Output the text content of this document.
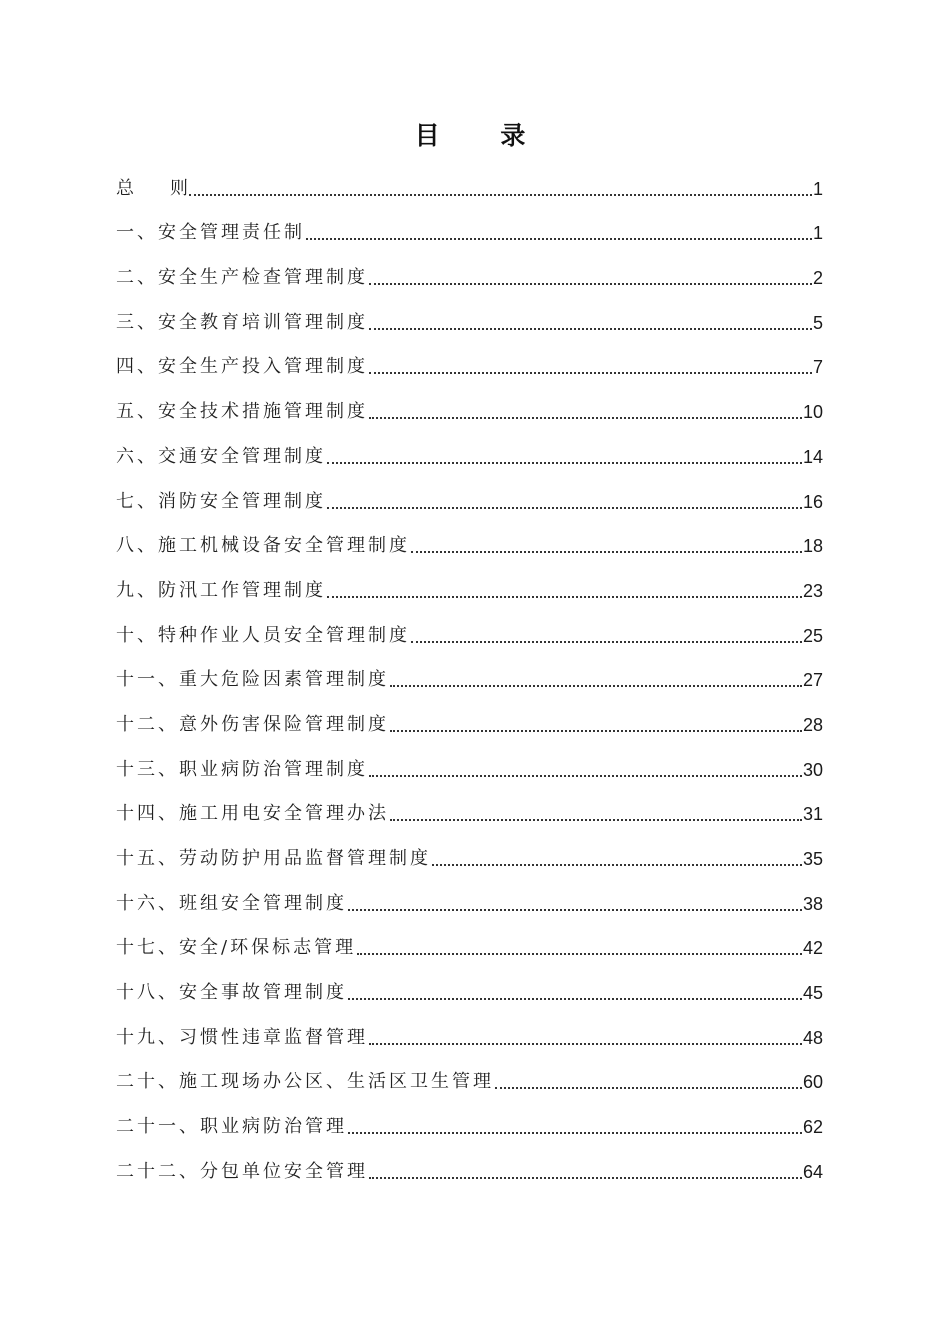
目 录
总　　则	1
一、安全管理责任制	1
二、安全生产检查管理制度	2
三、安全教育培训管理制度	5
四、安全生产投入管理制度	7
五、安全技术措施管理制度	10
六、交通安全管理制度	14
七、消防安全管理制度	16
八、施工机械设备安全管理制度	18
九、防汛工作管理制度	23
十、特种作业人员安全管理制度	25
十一、重大危险因素管理制度	27
十二、意外伤害保险管理制度	28
十三、职业病防治管理制度	30
十四、施工用电安全管理办法	31
十五、劳动防护用品监督管理制度	35
十六、班组安全管理制度	38
十七、安全/环保标志管理	42
十八、安全事故管理制度	45
十九、习惯性违章监督管理	48
二十、施工现场办公区、生活区卫生管理	60
二十一、职业病防治管理	62
二十二、分包单位安全管理	64
